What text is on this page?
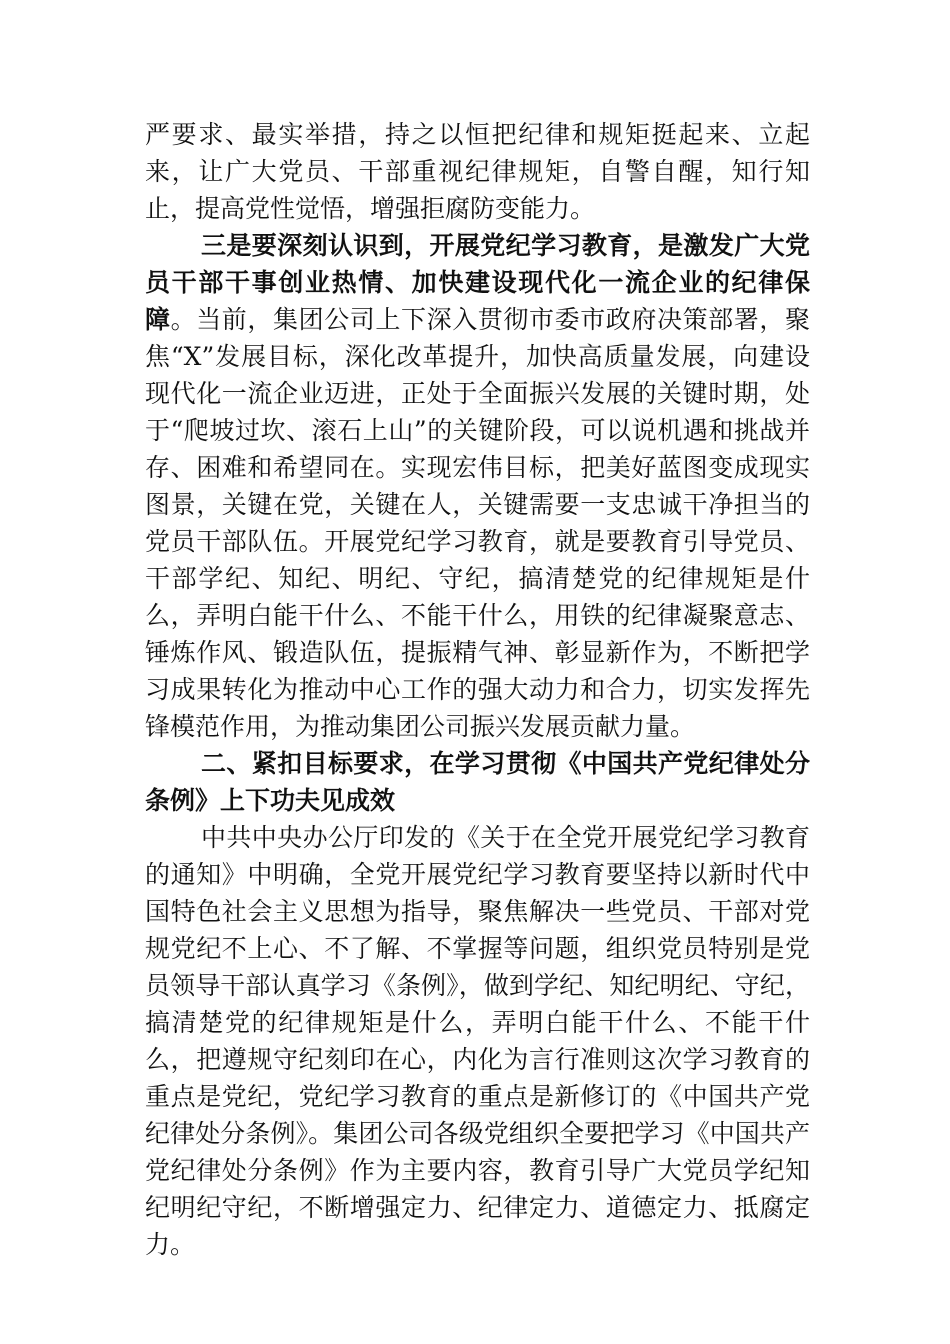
严要求、最实举措，持之以恒把纪律和规矩挺起来、立起来，让广大党员、干部重视纪律规矩，自警自醒，知行知止，提高党性觉悟，增强拒腐防变能力。

三是要深刻认识到，开展党纪学习教育，是激发广大党员干部干事创业热情、加快建设现代化一流企业的纪律保障。当前，集团公司上下深入贯彻市委市政府决策部署，聚焦“X”发展目标，深化改革提升，加快高质量发展，向建设现代化一流企业迈进，正处于全面振兴发展的关键时期，处于“爬坡过坎、滚石上山”的关键阶段，可以说机遇和挑战并存、困难和希望同在。实现宏伟目标，把美好蓝图变成现实图景，关键在党，关键在人，关键需要一支忠诚干净担当的党员干部队伍。开展党纪学习教育，就是要教育引导党员、干部学纪、知纪、明纪、守纪，搞清楚党的纪律规矩是什么，弄明白能干什么、不能干什么，用铁的纪律凝聚意志、锤炼作风、锻造队伍，提振精气神、彰显新作为，不断把学习成果转化为推动中心工作的强大动力和合力，切实发挥先锋模范作用，为推动集团公司振兴发展贡献力量。

二、紧扣目标要求，在学习贯彻《中国共产党纪律处分条例》上下功夫见成效

中共中央办公厅印发的《关于在全党开展党纪学习教育的通知》中明确，全党开展党纪学习教育要坚持以新时代中国特色社会主义思想为指导，聚焦解决一些党员、干部对党规党纪不上心、不了解、不掌握等问题，组织党员特别是党员领导干部认真学习《条例》，做到学纪、知纪明纪、守纪，搞清楚党的纪律规矩是什么，弄明白能干什么、不能干什么，把遵规守纪刻印在心，内化为言行准则这次学习教育的重点是党纪，党纪学习教育的重点是新修订的《中国共产党纪律处分条例》。集团公司各级党组织全要把学习《中国共产党纪律处分条例》作为主要内容，教育引导广大党员学纪知纪明纪守纪，不断增强定力、纪律定力、道德定力、抵腐定力。
